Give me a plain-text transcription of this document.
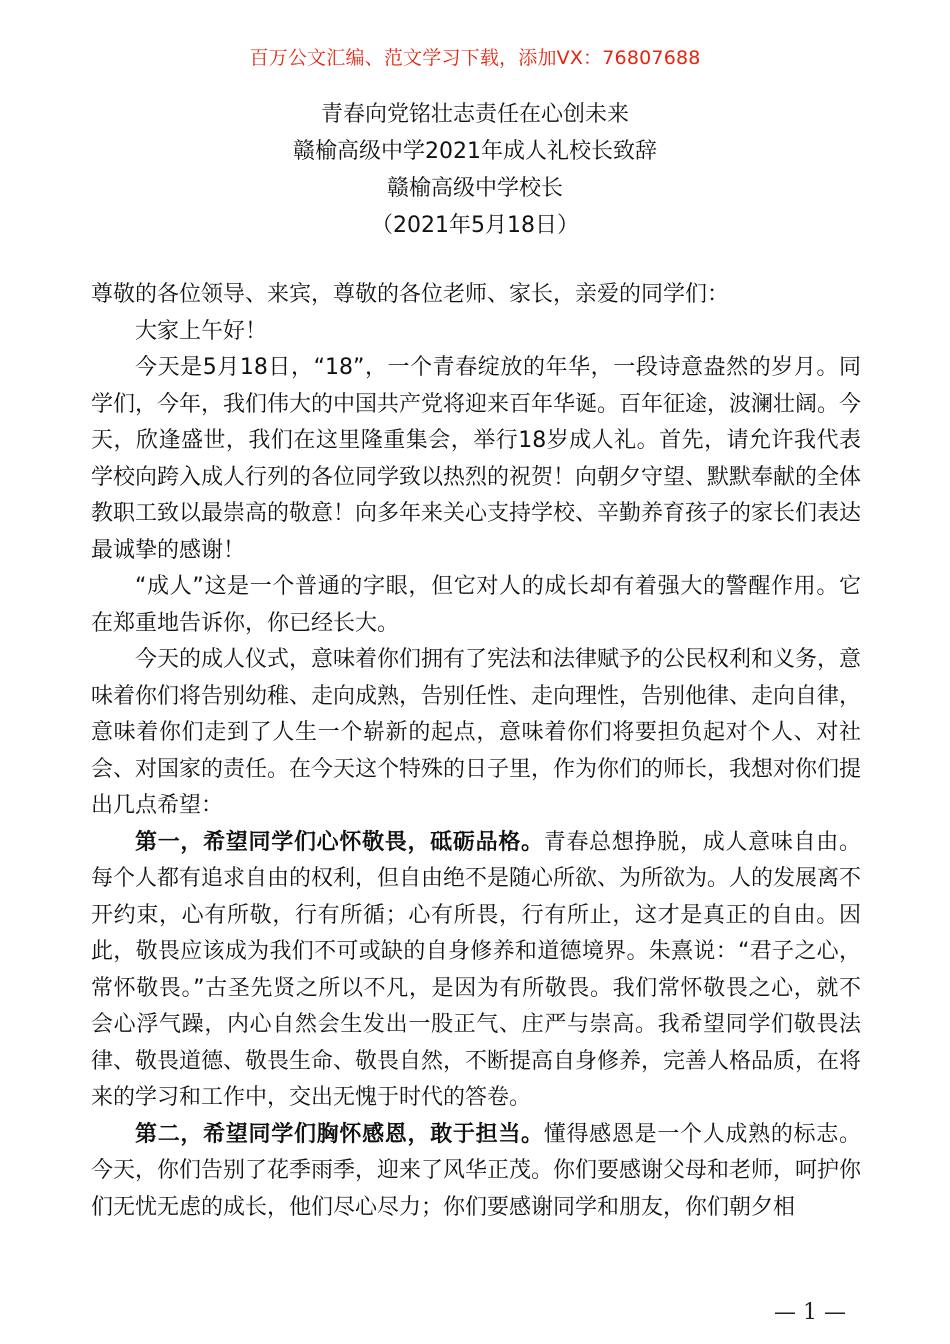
百万公文汇编、范文学习下载，添加VX：76807688
青春向党铭壮志责任在心创未来
赣榆高级中学2021年成人礼校长致辞
赣榆高级中学校长
（2021年5月18日）

尊敬的各位领导、来宾，尊敬的各位老师、家长，亲爱的同学们：

大家上午好！

今天是5月18日，“18”，一个青春绽放的年华，一段诗意盎然的岁月。同学们，今年，我们伟大的中国共产党将迎来百年华诞。百年征途，波澜壮阔。今天，欣逢盛世，我们在这里隆重集会，举行18岁成人礼。首先，请允许我代表学校向跨入成人行列的各位同学致以热烈的祝贺！向朝夕守望、默默奉献的全体教职工致以最崇高的敬意！向多年来关心支持学校、辛勤养育孩子的家长们表达最诚挚的感谢！

“成人”这是一个普通的字眼，但它对人的成长却有着强大的警醒作用。它在郑重地告诉你，你已经长大。

今天的成人仪式，意味着你们拥有了宪法和法律赋予的公民权利和义务，意味着你们将告别幼稚、走向成熟，告别任性、走向理性，告别他律、走向自律，意味着你们走到了人生一个崭新的起点，意味着你们将要担负起对个人、对社会、对国家的责任。在今天这个特殊的日子里，作为你们的师长，我想对你们提出几点希望：

第一，希望同学们心怀敬畏，砥砺品格。青春总想挣脱，成人意味自由。每个人都有追求自由的权利，但自由绝不是随心所欲、为所欲为。人的发展离不开约束，心有所敬，行有所循；心有所畏，行有所止，这才是真正的自由。因此，敬畏应该成为我们不可或缺的自身修养和道德境界。朱熹说：“君子之心，常怀敬畏。”古圣先贤之所以不凡，是因为有所敬畏。我们常怀敬畏之心，就不会心浮气躁，内心自然会生发出一股正气、庄严与崇高。我希望同学们敬畏法律、敬畏道德、敬畏生命、敬畏自然，不断提高自身修养，完善人格品质，在将来的学习和工作中，交出无愧于时代的答卷。

第二，希望同学们胸怀感恩，敢于担当。懂得感恩是一个人成熟的标志。今天，你们告别了花季雨季，迎来了风华正茂。你们要感谢父母和老师，呵护你们无忧无虑的成长，他们尽心尽力；你们要感谢同学和朋友，你们朝夕相

— 1 —
